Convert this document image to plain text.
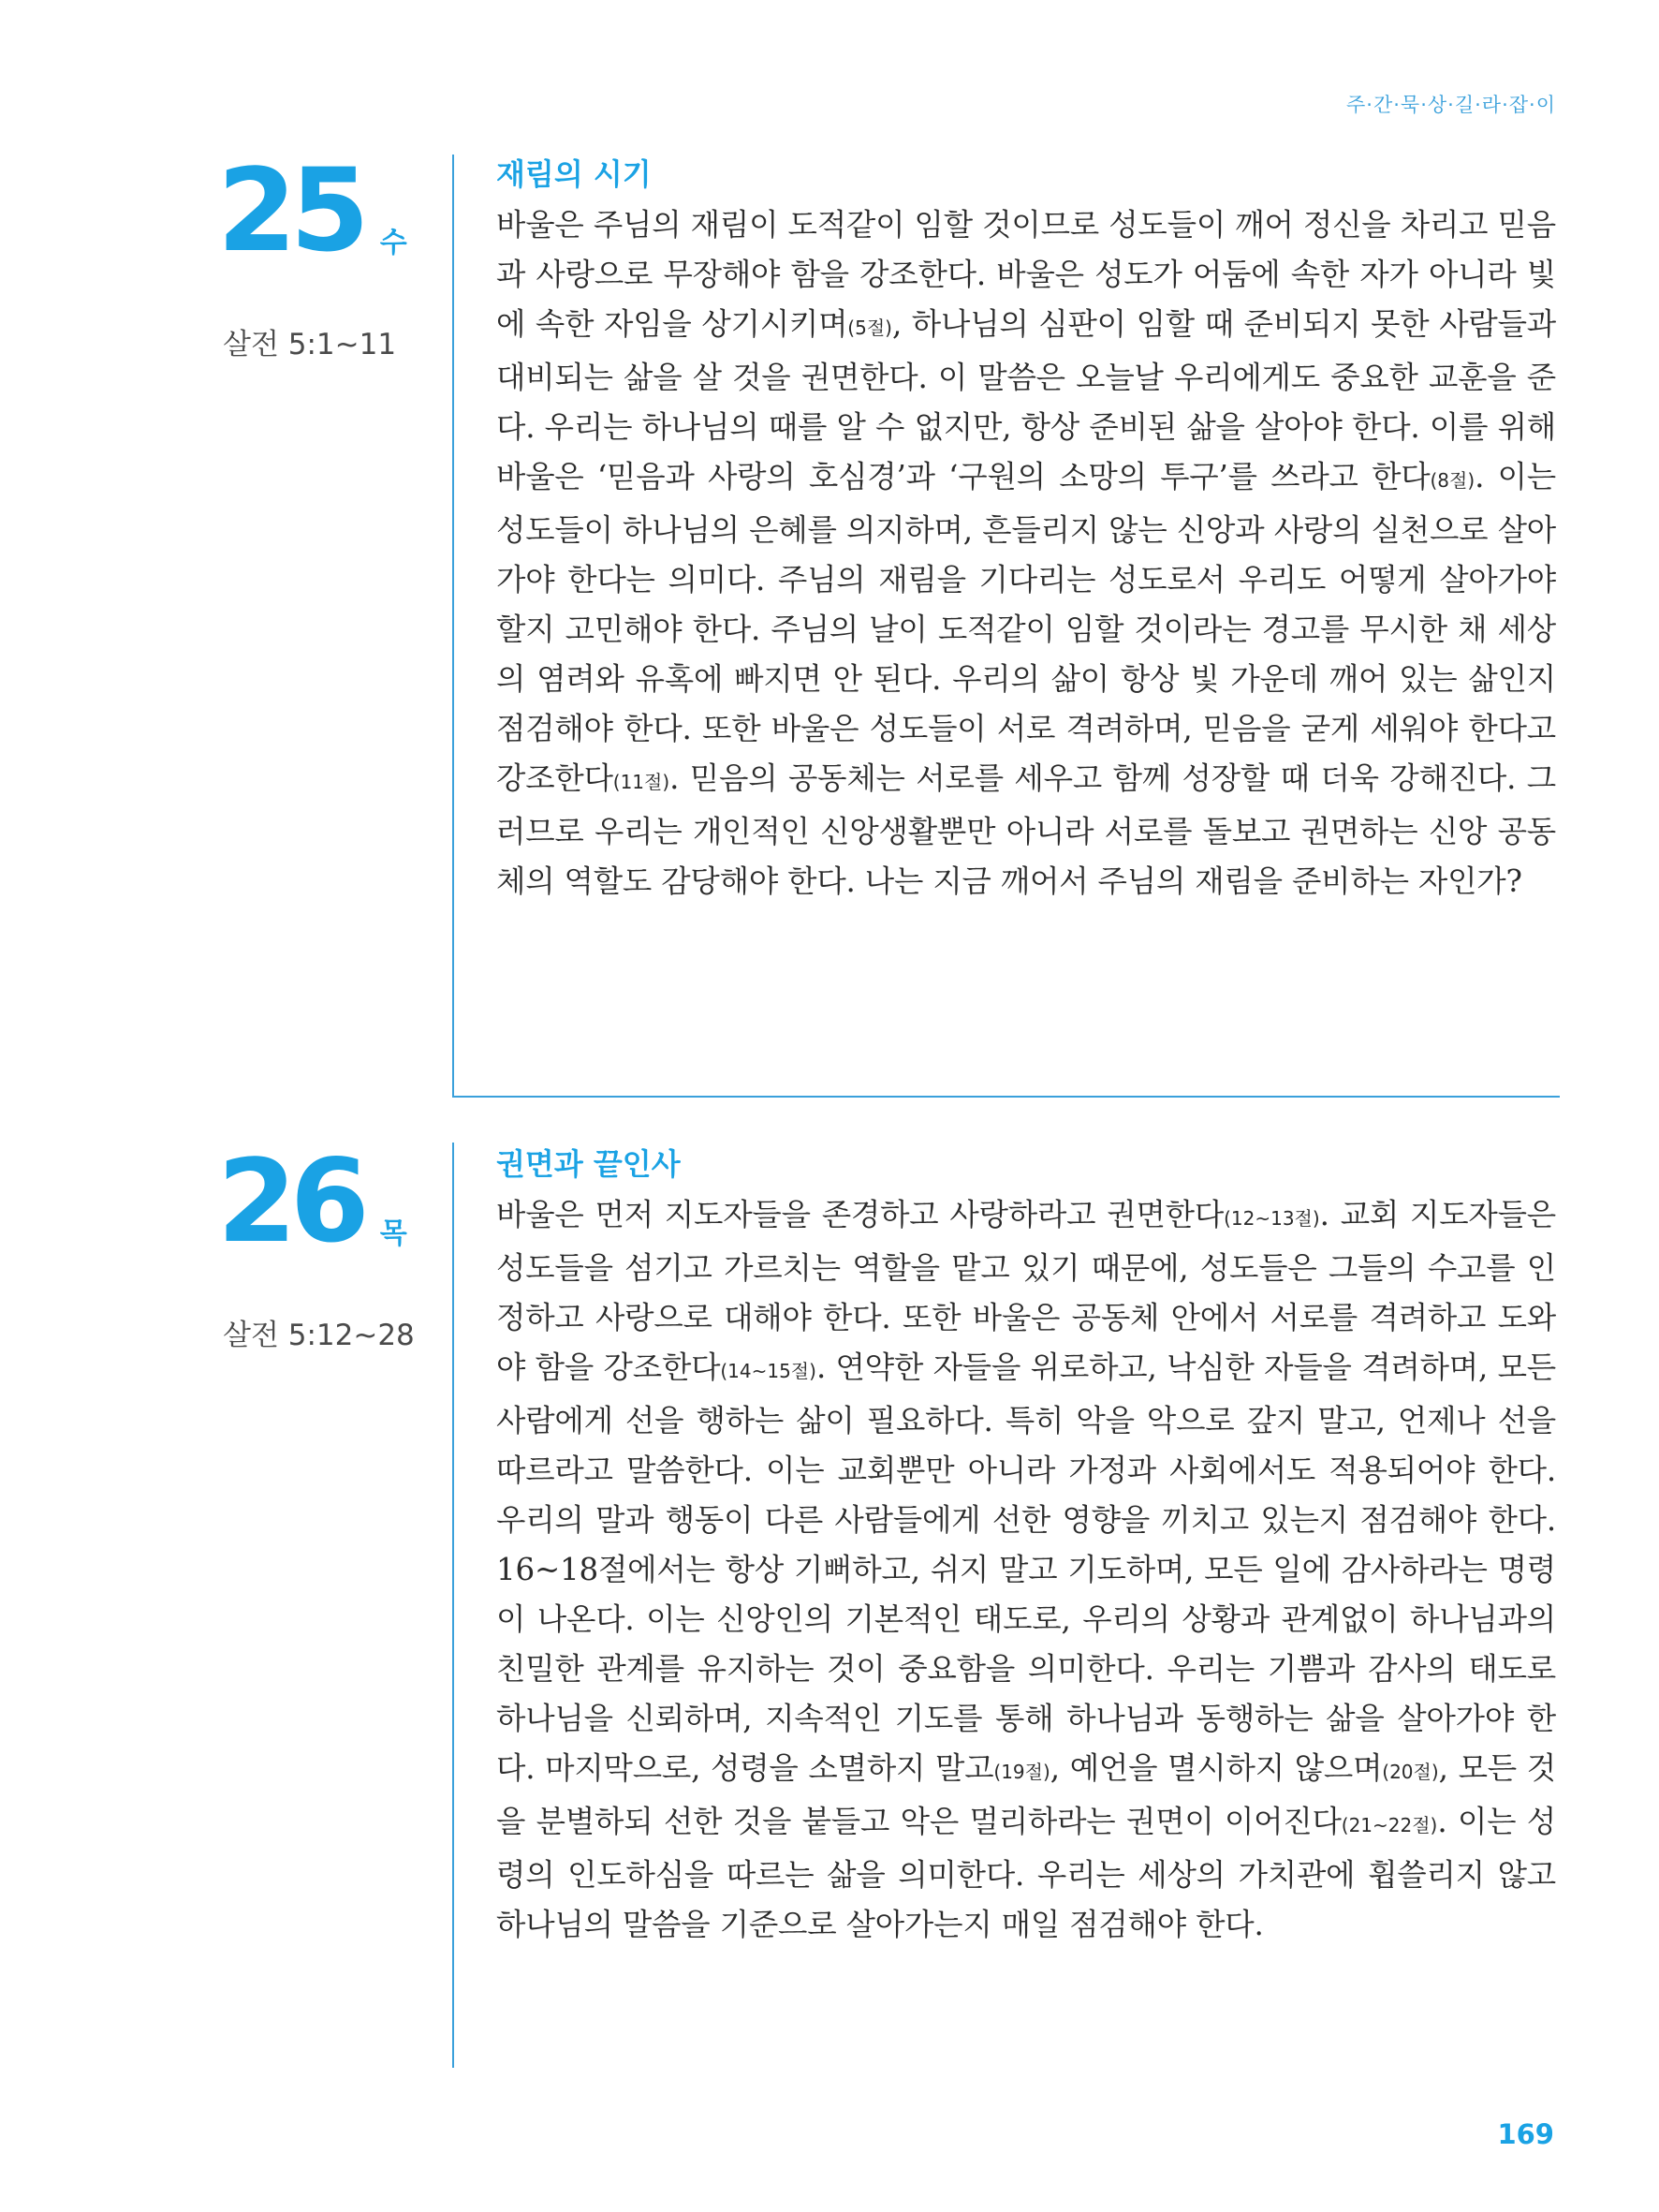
주·간·묵·상·길·라·잡·이
25 수
살전 5:1~11
재림의 시기
바울은 주님의 재림이 도적같이 임할 것이므로 성도들이 깨어 정신을 차리고 믿음과 사랑으로 무장해야 함을 강조한다. 바울은 성도가 어둠에 속한 자가 아니라 빛에 속한 자임을 상기시키며(5절), 하나님의 심판이 임할 때 준비되지 못한 사람들과 대비되는 삶을 살 것을 권면한다. 이 말씀은 오늘날 우리에게도 중요한 교훈을 준다. 우리는 하나님의 때를 알 수 없지만, 항상 준비된 삶을 살아야 한다. 이를 위해 바울은 ‘믿음과 사랑의 호심경’과 ‘구원의 소망의 투구’를 쓰라고 한다(8절). 이는 성도들이 하나님의 은혜를 의지하며, 흔들리지 않는 신앙과 사랑의 실천으로 살아가야 한다는 의미다. 주님의 재림을 기다리는 성도로서 우리도 어떻게 살아가야 할지 고민해야 한다. 주님의 날이 도적같이 임할 것이라는 경고를 무시한 채 세상의 염려와 유혹에 빠지면 안 된다. 우리의 삶이 항상 빛 가운데 깨어 있는 삶인지 점검해야 한다. 또한 바울은 성도들이 서로 격려하며, 믿음을 굳게 세워야 한다고 강조한다(11절). 믿음의 공동체는 서로를 세우고 함께 성장할 때 더욱 강해진다. 그러므로 우리는 개인적인 신앙생활뿐만 아니라 서로를 돌보고 권면하는 신앙 공동체의 역할도 감당해야 한다. 나는 지금 깨어서 주님의 재림을 준비하는 자인가?
26 목
살전 5:12~28
권면과 끝인사
바울은 먼저 지도자들을 존경하고 사랑하라고 권면한다(12~13절). 교회 지도자들은 성도들을 섬기고 가르치는 역할을 맡고 있기 때문에, 성도들은 그들의 수고를 인정하고 사랑으로 대해야 한다. 또한 바울은 공동체 안에서 서로를 격려하고 도와야 함을 강조한다(14~15절). 연약한 자들을 위로하고, 낙심한 자들을 격려하며, 모든 사람에게 선을 행하는 삶이 필요하다. 특히 악을 악으로 갚지 말고, 언제나 선을 따르라고 말씀한다. 이는 교회뿐만 아니라 가정과 사회에서도 적용되어야 한다. 우리의 말과 행동이 다른 사람들에게 선한 영향을 끼치고 있는지 점검해야 한다. 16~18절에서는 항상 기뻐하고, 쉬지 말고 기도하며, 모든 일에 감사하라는 명령이 나온다. 이는 신앙인의 기본적인 태도로, 우리의 상황과 관계없이 하나님과의 친밀한 관계를 유지하는 것이 중요함을 의미한다. 우리는 기쁨과 감사의 태도로 하나님을 신뢰하며, 지속적인 기도를 통해 하나님과 동행하는 삶을 살아가야 한다. 마지막으로, 성령을 소멸하지 말고(19절), 예언을 멸시하지 않으며(20절), 모든 것을 분별하되 선한 것을 붙들고 악은 멀리하라는 권면이 이어진다(21~22절). 이는 성령의 인도하심을 따르는 삶을 의미한다. 우리는 세상의 가치관에 휩쓸리지 않고 하나님의 말씀을 기준으로 살아가는지 매일 점검해야 한다.
169
